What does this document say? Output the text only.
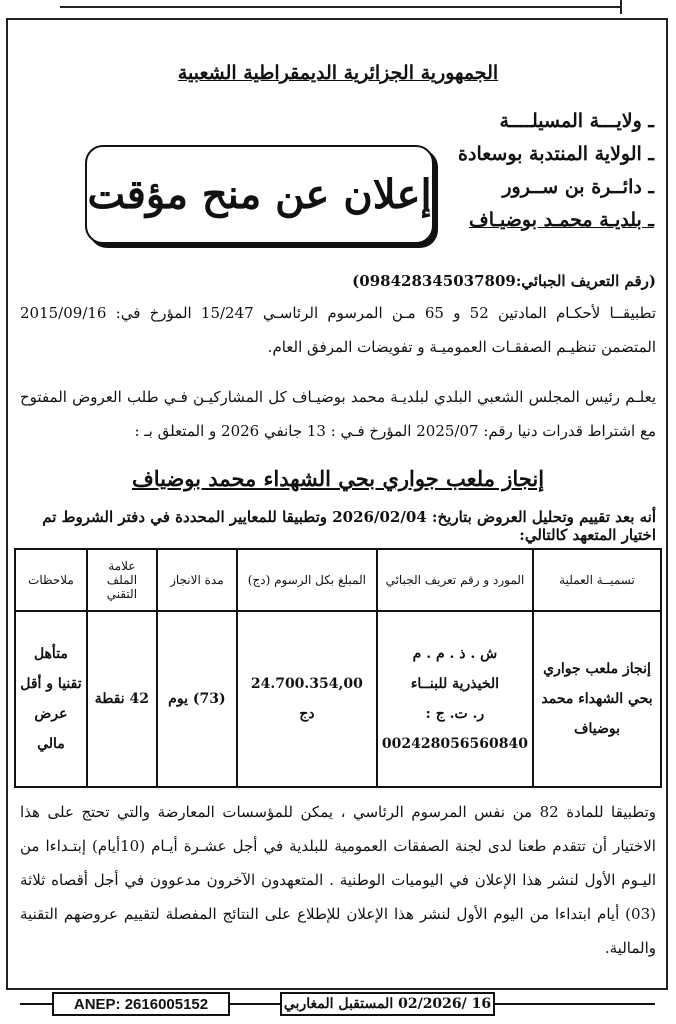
الجمهورية الجزائرية الديمقراطية الشعبية
ـ ولايـــة المسيلــــة
ـ الولاية المنتدبة بوسعادة
ـ دائــرة بن ســرور
ـ بلديـة محمـد بوضيـاف
إعلان عن منح مؤقت
(رقم التعريف الجبائي:098428345037809)
تطبيقــا لأحكـام المادتين 52 و 65 مـن المرسوم الرئاسـي 15/247 المؤرخ في: 2015/09/16 المتضمن تنظيـم الصفقـات العموميـة و تفويضات المرفق العام.
يعلـم رئيس المجلس الشعبي البلدي لبلديـة محمد بوضيـاف كل المشاركيـن فـي طلب العروض المفتوح مع اشتراط قدرات دنيا رقم: 2025/07 المؤرخ فـي : 13 جانفي 2026 و المتعلق بـ :
إنجاز ملعب جواري بحي الشهداء محمد بوضياف
أنه بعد تقييم وتحليل العروض بتاريخ: 2026/02/04 وتطبيقا للمعايير المحددة في دفتر الشروط تم اختيار المتعهد كالتالي:
تسميــة العملية	المورد و رقم تعريف الجبائي	المبلغ بكل الرسوم (دج)	مدة الانجاز	علامة الملف التقني	ملاحظات
إنجاز ملعب جواري بحي الشهداء محمد بوضياف	ش . ذ . م . م
الخيذرية للبنــاء
ر. ت. ج :
002428056560840	24.700.354,00 دج	(73) يوم	42 نقطة	متأهل تقنيا و أقل عرض مالي
وتطبيقا للمادة 82 من نفس المرسوم الرئاسي ، يمكن للمؤسسات المعارضة والتي تحتج على هذا الاختيار أن تتقدم طعنا لدى لجنة الصفقات العمومية للبلدية في أجل عشـرة أيـام (10أيام) إبتـداءا من اليـوم الأول لنشر هذا الإعلان في اليوميات الوطنية . المتعهدون الآخرون مدعوون في أجل أقصاه ثلاثة (03) أيام ابتداءا من اليوم الأول لنشر هذا الإعلان للإطلاع على النتائج المفصلة لتقييم عروضهم التقنية والمالية.
ANEP: 2616005152	16 /02/2026 المستقبل المغاربي
